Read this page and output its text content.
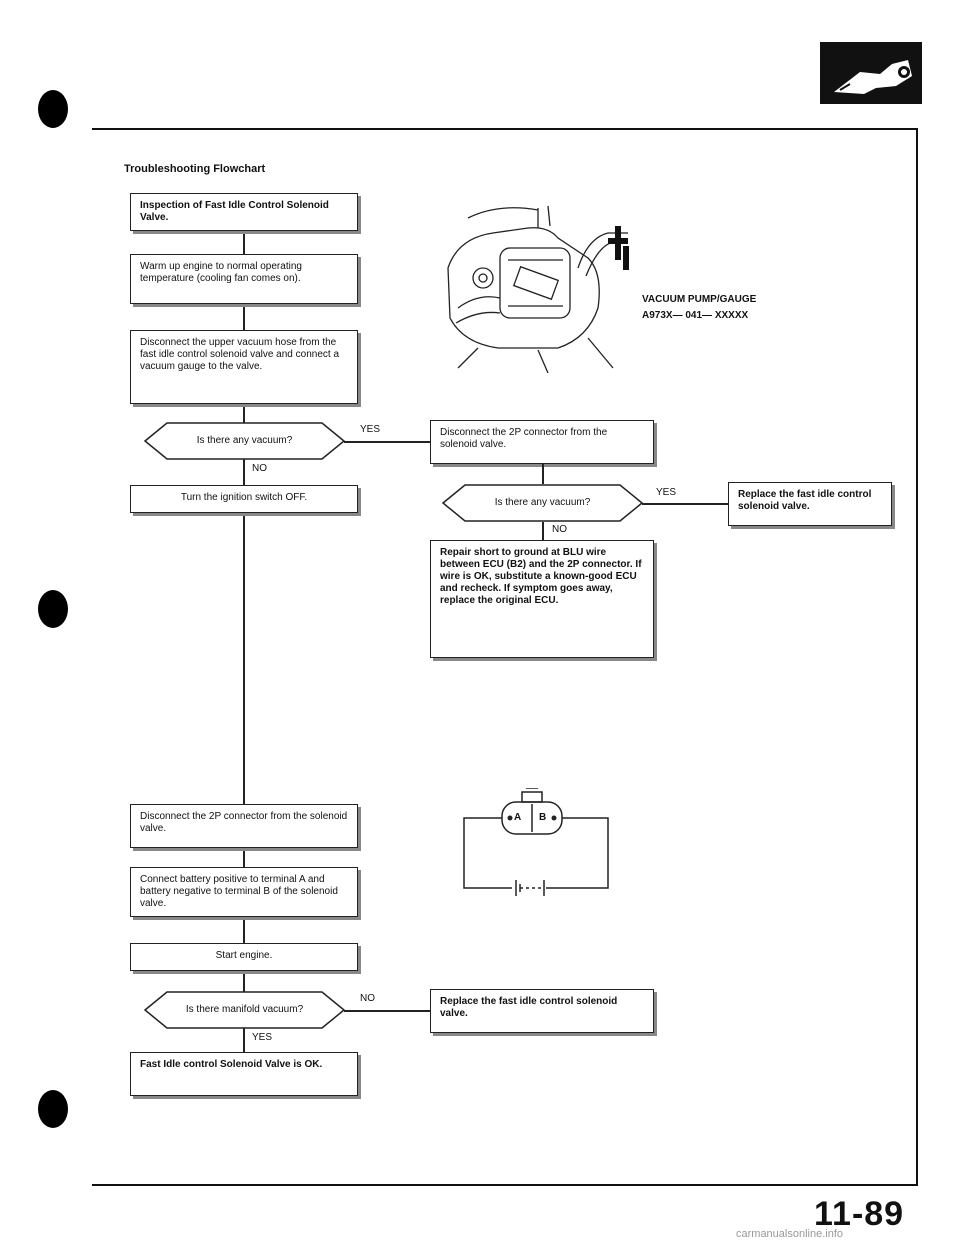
Troubleshooting Flowchart
Inspection of Fast Idle Control Solenoid Valve.
Warm up engine to normal operating temperature (cooling fan comes on).
Disconnect the upper vacuum hose from the fast idle control solenoid valve and connect a vacuum gauge to the valve.
Is there any vacuum?
YES
NO
Turn the ignition switch OFF.
Disconnect the 2P connector from the solenoid valve.
Connect battery positive to terminal A and battery negative to terminal B of the solenoid valve.
Start engine.
Is there manifold vacuum?
NO
YES
Fast Idle control Solenoid Valve is OK.
VACUUM PUMP/GAUGE
A973X— 041— XXXXX
Disconnect the 2P connector from the solenoid valve.
Is there any vacuum?
YES	Replace the fast idle control solenoid valve.
NO
Repair short to ground at BLU wire between ECU (B2) and the 2P connector. If wire is OK, substitute a known-good ECU and recheck. If symptom goes away, replace the original ECU.
A B
Replace the fast idle control solenoid valve.
11-89
carmanualsonline.info
